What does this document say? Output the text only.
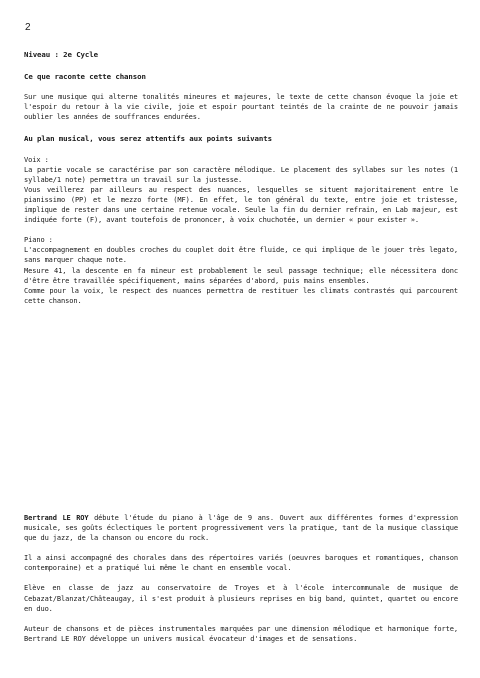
2

Niveau : 2e Cycle

Ce que raconte cette chanson

Sur une musique qui alterne tonalités mineures et majeures, le texte de cette chanson évoque la joie et l'espoir du retour à la vie civile, joie et espoir pourtant teintés de la crainte de ne pouvoir jamais oublier les années de souffrances endurées.

Au plan musical, vous serez attentifs aux points suivants

Voix :

La partie vocale se caractérise par son caractère mélodique. Le placement des syllabes sur les notes (1 syllabe/1 note) permettra un travail sur la justesse.

Vous veillerez par ailleurs au respect des nuances, lesquelles se situent majoritairement entre le pianissimo (PP) et le mezzo forte (MF). En effet, le ton général du texte, entre joie et tristesse, implique de rester dans une certaine retenue vocale. Seule la fin du dernier refrain, en Lab majeur, est indiquée forte (F), avant toutefois de prononcer, à voix chuchotée, un dernier « pour exister ».

Piano :

L'accompagnement en doubles croches du couplet doit être fluide, ce qui implique de le jouer très legato, sans marquer chaque note.

Mesure 41, la descente en fa mineur est probablement le seul passage technique; elle nécessitera donc d'être être travaillée spécifiquement, mains séparées d'abord, puis mains ensembles.

Comme pour la voix, le respect des nuances permettra de restituer les climats contrastés qui parcourent cette chanson.

Bertrand LE ROY débute l'étude du piano à l'âge de 9 ans. Ouvert aux différentes formes d'expression musicale, ses goûts éclectiques le portent progressivement vers la pratique, tant de la musique classique que du jazz, de la chanson ou encore du rock.

Il a ainsi accompagné des chorales dans des répertoires variés (oeuvres baroques et romantiques, chanson contemporaine) et a pratiqué lui même le chant en ensemble vocal.

Elève en classe de jazz au conservatoire de Troyes et à l'école intercommunale de musique de Cebazat/Blanzat/Châteaugay, il s'est produit à plusieurs reprises en big band, quintet, quartet ou encore en duo.

Auteur de chansons et de pièces instrumentales marquées par une dimension mélodique et harmonique forte, Bertrand LE ROY développe un univers musical évocateur d'images et de sensations.
